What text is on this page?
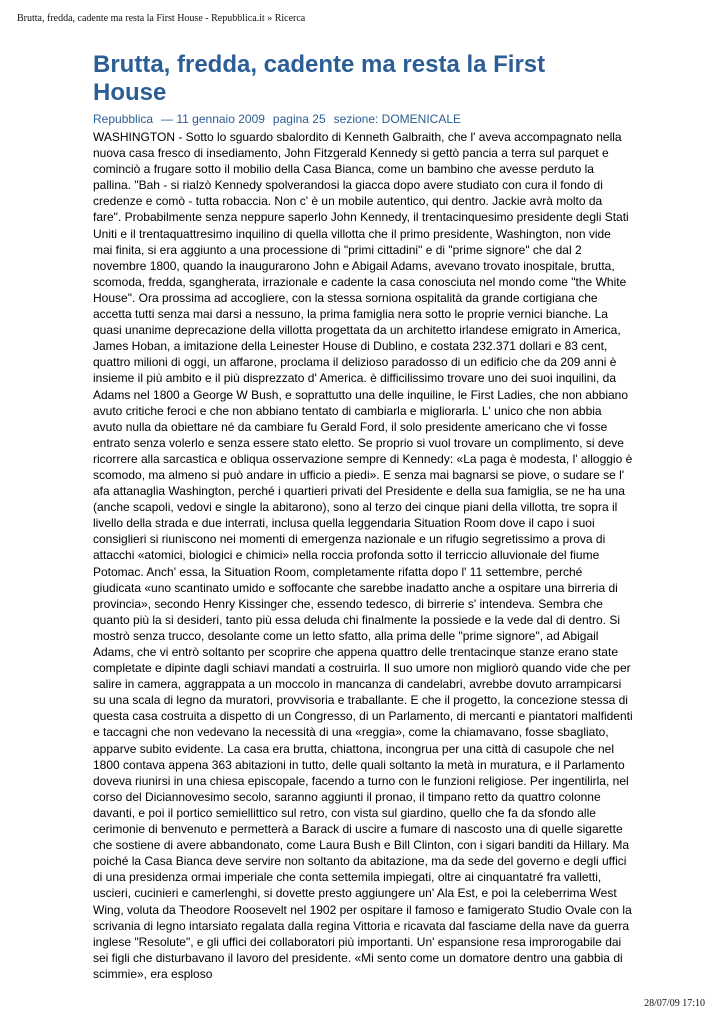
Brutta, fredda, cadente ma resta la First House - Repubblica.it » Ricerca
Brutta, fredda, cadente ma resta la First House
Repubblica — 11 gennaio 2009 pagina 25 sezione: DOMENICALE
WASHINGTON - Sotto lo sguardo sbalordito di Kenneth Galbraith, che l' aveva accompagnato nella nuova casa fresco di insediamento, John Fitzgerald Kennedy si gettò pancia a terra sul parquet e cominciò a frugare sotto il mobilio della Casa Bianca, come un bambino che avesse perduto la pallina. "Bah - si rialzò Kennedy spolverandosi la giacca dopo avere studiato con cura il fondo di credenze e comò - tutta robaccia. Non c' è un mobile autentico, qui dentro. Jackie avrà molto da fare". Probabilmente senza neppure saperlo John Kennedy, il trentacinquesimo presidente degli Stati Uniti e il trentaquattresimo inquilino di quella villotta che il primo presidente, Washington, non vide mai finita, si era aggiunto a una processione di "primi cittadini" e di "prime signore" che dal 2 novembre 1800, quando la inaugurarono John e Abigail Adams, avevano trovato inospitale, brutta, scomoda, fredda, sgangherata, irrazionale e cadente la casa conosciuta nel mondo come "the White House". Ora prossima ad accogliere, con la stessa sorniona ospitalità da grande cortigiana che accetta tutti senza mai darsi a nessuno, la prima famiglia nera sotto le proprie vernici bianche. La quasi unanime deprecazione della villotta progettata da un architetto irlandese emigrato in America, James Hoban, a imitazione della Leinester House di Dublino, e costata 232.371 dollari e 83 cent, quattro milioni di oggi, un affarone, proclama il delizioso paradosso di un edificio che da 209 anni è insieme il più ambito e il più disprezzato d' America. è difficilissimo trovare uno dei suoi inquilini, da Adams nel 1800 a George W Bush, e soprattutto una delle inquiline, le First Ladies, che non abbiano avuto critiche feroci e che non abbiano tentato di cambiarla e migliorarla. L' unico che non abbia avuto nulla da obiettare né da cambiare fu Gerald Ford, il solo presidente americano che vi fosse entrato senza volerlo e senza essere stato eletto. Se proprio si vuol trovare un complimento, si deve ricorrere alla sarcastica e obliqua osservazione sempre di Kennedy: «La paga è modesta, l' alloggio è scomodo, ma almeno si può andare in ufficio a piedi». E senza mai bagnarsi se piove, o sudare se l' afa attanaglia Washington, perché i quartieri privati del Presidente e della sua famiglia, se ne ha una (anche scapoli, vedovi e single la abitarono), sono al terzo dei cinque piani della villotta, tre sopra il livello della strada e due interrati, inclusa quella leggendaria Situation Room dove il capo i suoi consiglieri si riuniscono nei momenti di emergenza nazionale e un rifugio segretissimo a prova di attacchi «atomici, biologici e chimici» nella roccia profonda sotto il terriccio alluvionale del fiume Potomac. Anch' essa, la Situation Room, completamente rifatta dopo l' 11 settembre, perché giudicata «uno scantinato umido e soffocante che sarebbe inadatto anche a ospitare una birreria di provincia», secondo Henry Kissinger che, essendo tedesco, di birrerie s' intendeva. Sembra che quanto più la si desideri, tanto più essa deluda chi finalmente la possiede e la vede dal di dentro. Si mostrò senza trucco, desolante come un letto sfatto, alla prima delle "prime signore", ad Abigail Adams, che vi entrò soltanto per scoprire che appena quattro delle trentacinque stanze erano state completate e dipinte dagli schiavi mandati a costruirla. Il suo umore non migliorò quando vide che per salire in camera, aggrappata a un moccolo in mancanza di candelabri, avrebbe dovuto arrampicarsi su una scala di legno da muratori, provvisoria e traballante. E che il progetto, la concezione stessa di questa casa costruita a dispetto di un Congresso, di un Parlamento, di mercanti e piantatori malfidenti e taccagni che non vedevano la necessità di una «reggia», come la chiamavano, fosse sbagliato, apparve subito evidente. La casa era brutta, chiattona, incongrua per una città di casupole che nel 1800 contava appena 363 abitazioni in tutto, delle quali soltanto la metà in muratura, e il Parlamento doveva riunirsi in una chiesa episcopale, facendo a turno con le funzioni religiose. Per ingentilirla, nel corso del Diciannovesimo secolo, saranno aggiunti il pronao, il timpano retto da quattro colonne davanti, e poi il portico semiellittico sul retro, con vista sul giardino, quello che fa da sfondo alle cerimonie di benvenuto e permetterà a Barack di uscire a fumare di nascosto una di quelle sigarette che sostiene di avere abbandonato, come Laura Bush e Bill Clinton, con i sigari banditi da Hillary. Ma poiché la Casa Bianca deve servire non soltanto da abitazione, ma da sede del governo e degli uffici di una presidenza ormai imperiale che conta settemila impiegati, oltre ai cinquantatré fra valletti, uscieri, cucinieri e camerlenghi, si dovette presto aggiungere un' Ala Est, e poi la celeberrima West Wing, voluta da Theodore Roosevelt nel 1902 per ospitare il famoso e famigerato Studio Ovale con la scrivania di legno intarsiato regalata dalla regina Vittoria e ricavata dal fasciame della nave da guerra inglese "Resolute", e gli uffici dei collaboratori più importanti. Un' espansione resa improrogabile dai sei figli che disturbavano il lavoro del presidente. «Mi sento come un domatore dentro una gabbia di scimmie», era esploso
28/07/09 17:10
